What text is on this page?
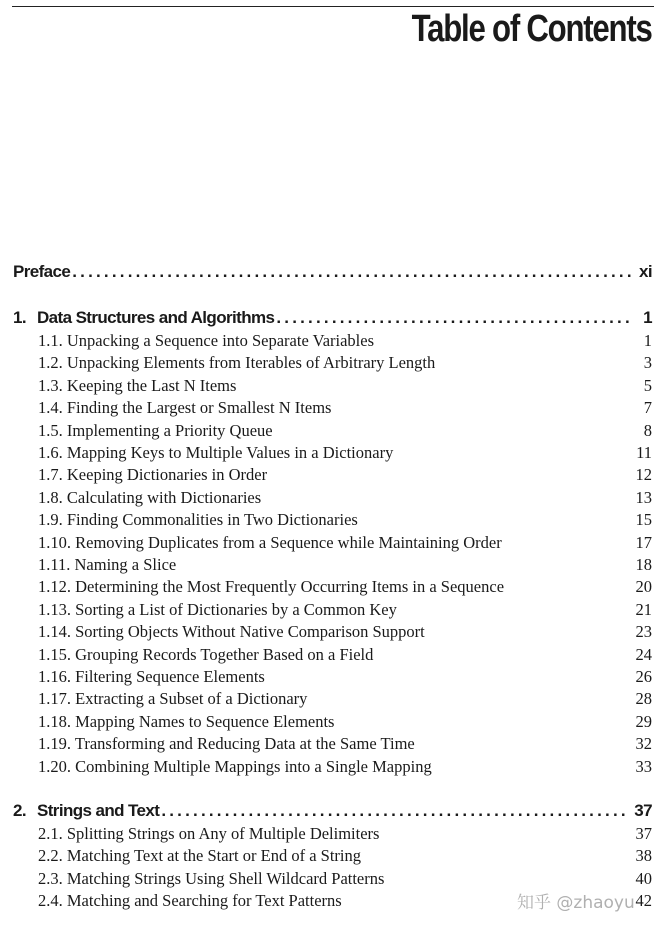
Table of Contents
Preface .....	xi
1. Data Structures and Algorithms .....	1
1.1. Unpacking a Sequence into Separate Variables	1
1.2. Unpacking Elements from Iterables of Arbitrary Length	3
1.3. Keeping the Last N Items	5
1.4. Finding the Largest or Smallest N Items	7
1.5. Implementing a Priority Queue	8
1.6. Mapping Keys to Multiple Values in a Dictionary	11
1.7. Keeping Dictionaries in Order	12
1.8. Calculating with Dictionaries	13
1.9. Finding Commonalities in Two Dictionaries	15
1.10. Removing Duplicates from a Sequence while Maintaining Order	17
1.11. Naming a Slice	18
1.12. Determining the Most Frequently Occurring Items in a Sequence	20
1.13. Sorting a List of Dictionaries by a Common Key	21
1.14. Sorting Objects Without Native Comparison Support	23
1.15. Grouping Records Together Based on a Field	24
1.16. Filtering Sequence Elements	26
1.17. Extracting a Subset of a Dictionary	28
1.18. Mapping Names to Sequence Elements	29
1.19. Transforming and Reducing Data at the Same Time	32
1.20. Combining Multiple Mappings into a Single Mapping	33
2. Strings and Text .....	37
2.1. Splitting Strings on Any of Multiple Delimiters	37
2.2. Matching Text at the Start or End of a String	38
2.3. Matching Strings Using Shell Wildcard Patterns	40
2.4. Matching and Searching for Text Patterns	42
知乎 @zhaoyu
